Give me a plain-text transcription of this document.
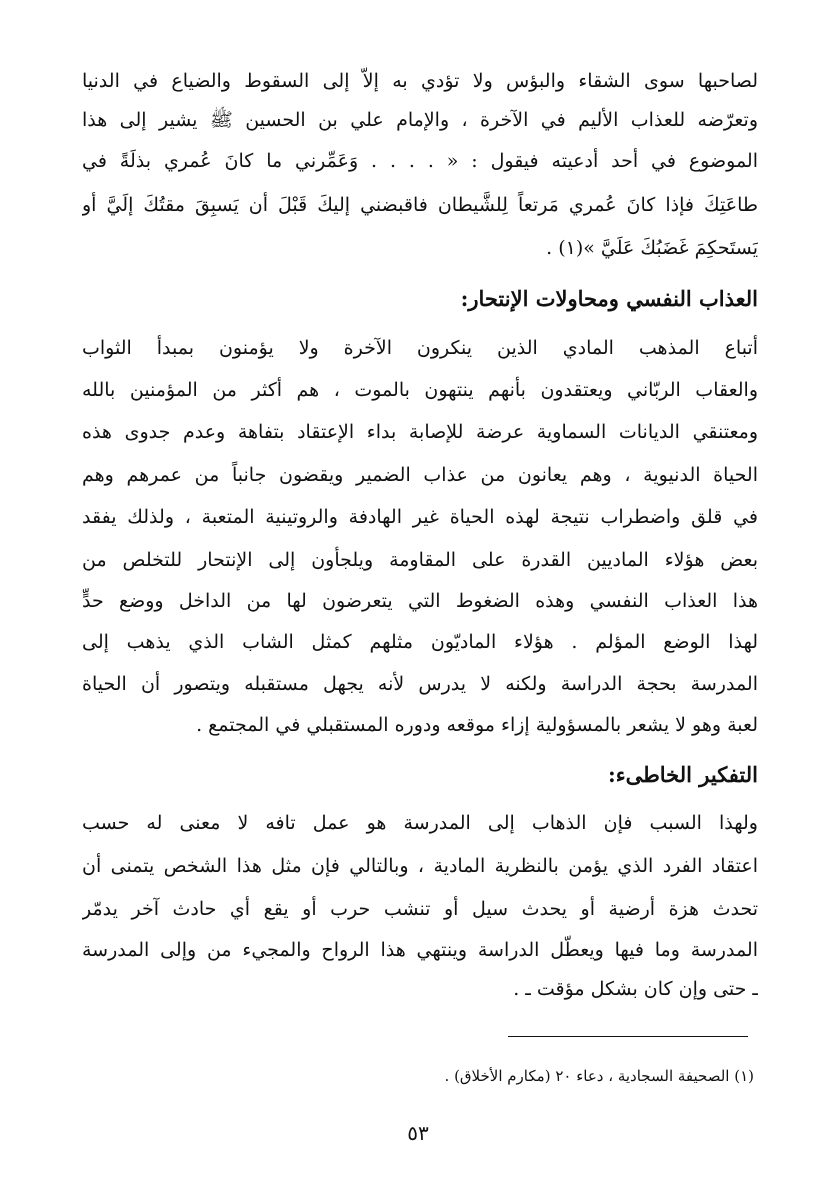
لصاحبها سوى الشقاء والبؤس ولا تؤدي به إلاّ إلى السقوط والضياع في الدنيا
وتعرّضه للعذاب الأليم في الآخرة ، والإمام علي بن الحسين ﷺ يشير إلى هذا
الموضوع في أحد أدعيته فيقول : « . . . . وَعَمِّرني ما كانَ عُمري بذلَةً في
طاعَتِكَ فإذا كانَ عُمري مَرتعاً لِلشَّيطان فاقبضني إليكَ قَبْلَ أن يَسبِقَ مقتُكَ إلَيَّ أو
يَستَحكِمَ غَضَبُكَ عَلَيَّ »(١) .
العذاب النفسي ومحاولات الإنتحار:
أتباع المذهب المادي الذين ينكرون الآخرة ولا يؤمنون بمبدأ الثواب
والعقاب الربّاني ويعتقدون بأنهم ينتهون بالموت ، هم أكثر من المؤمنين بالله
ومعتنقي الديانات السماوية عرضة للإصابة بداء الإعتقاد بتفاهة وعدم جدوى هذه
الحياة الدنيوية ، وهم يعانون من عذاب الضمير ويقضون جانباً من عمرهم وهم
في قلق واضطراب نتيجة لهذه الحياة غير الهادفة والروتينية المتعبة ، ولذلك يفقد
بعض هؤلاء الماديين القدرة على المقاومة ويلجأون إلى الإنتحار للتخلص من
هذا العذاب النفسي وهذه الضغوط التي يتعرضون لها من الداخل ووضع حدٍّ
لهذا الوضع المؤلم . هؤلاء الماديّون مثلهم كمثل الشاب الذي يذهب إلى
المدرسة بحجة الدراسة ولكنه لا يدرس لأنه يجهل مستقبله ويتصور أن الحياة
لعبة وهو لا يشعر بالمسؤولية إزاء موقعه ودوره المستقبلي في المجتمع .
التفكير الخاطىء:
ولهذا السبب فإن الذهاب إلى المدرسة هو عمل تافه لا معنى له حسب
اعتقاد الفرد الذي يؤمن بالنظرية المادية ، وبالتالي فإن مثل هذا الشخص يتمنى أن
تحدث هزة أرضية أو يحدث سيل أو تنشب حرب أو يقع أي حادث آخر يدمّر
المدرسة وما فيها ويعطّل الدراسة وينتهي هذا الرواح والمجيء من وإلى المدرسة
ـ حتى وإن كان بشكل مؤقت ـ .
(١) الصحيفة السجادية ، دعاء ٢٠ (مكارم الأخلاق) .
٥٣
